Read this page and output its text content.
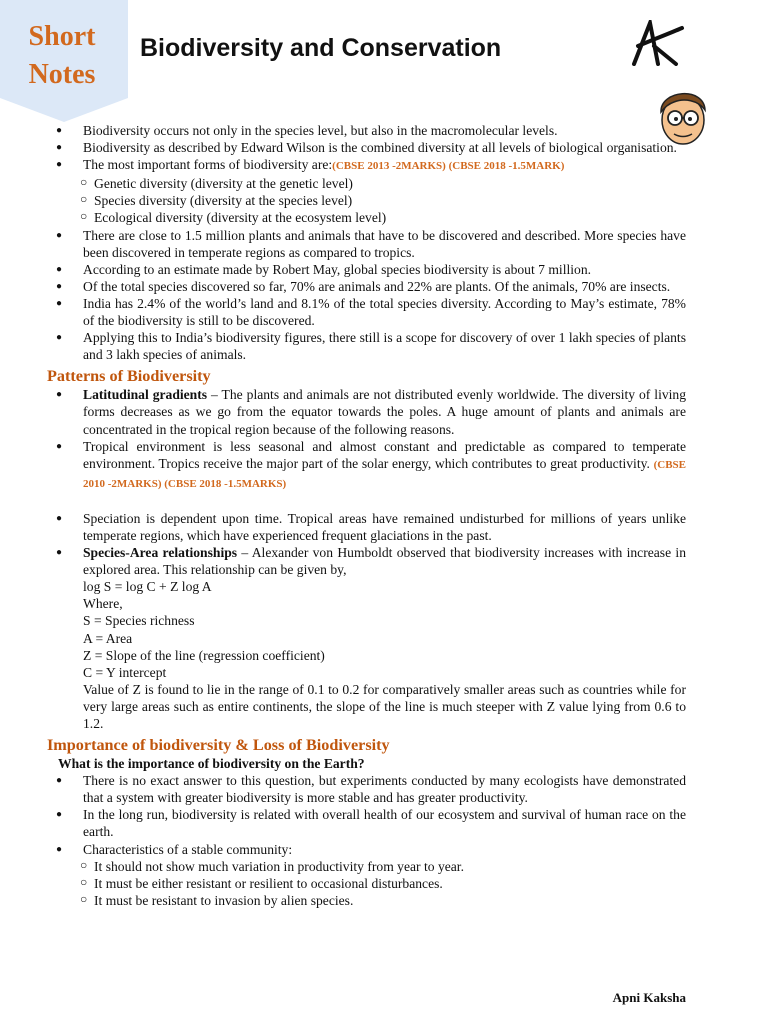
Short
Notes
Biodiversity and Conservation
● Biodiversity occurs not only in the species level, but also in the macromolecular levels.
● Biodiversity as described by Edward Wilson is the combined diversity at all levels of biological organisation.
● The most important forms of biodiversity are:(CBSE 2013 -2MARKS) (CBSE 2018 -1.5MARK)
○ Genetic diversity (diversity at the genetic level)
○ Species diversity (diversity at the species level)
○ Ecological diversity (diversity at the ecosystem level)
● There are close to 1.5 million plants and animals that have to be discovered and described. More species have been discovered in temperate regions as compared to tropics.
● According to an estimate made by Robert May, global species biodiversity is about 7 million.
● Of the total species discovered so far, 70% are animals and 22% are plants. Of the animals, 70% are insects.
● India has 2.4% of the world’s land and 8.1% of the total species diversity. According to May’s estimate, 78% of the biodiversity is still to be discovered.
● Applying this to India’s biodiversity figures, there still is a scope for discovery of over 1 lakh species of plants and 3 lakh species of animals.
Patterns of Biodiversity
● Latitudinal gradients – The plants and animals are not distributed evenly worldwide. The diversity of living forms decreases as we go from the equator towards the poles. A huge amount of plants and animals are concentrated in the tropical region because of the following reasons.
● Tropical environment is less seasonal and almost constant and predictable as compared to temperate environment. Tropics receive the major part of the solar energy, which contributes to great productivity. (CBSE 2010 -2MARKS) (CBSE 2018 -1.5MARKS)
● Speciation is dependent upon time. Tropical areas have remained undisturbed for millions of years unlike temperate regions, which have experienced frequent glaciations in the past.
● Species-Area relationships – Alexander von Humboldt observed that biodiversity increases with increase in explored area. This relationship can be given by,
log S = log C + Z log A
Where,
S = Species richness
A = Area
Z = Slope of the line (regression coefficient)
C = Y intercept
Value of Z is found to lie in the range of 0.1 to 0.2 for comparatively smaller areas such as countries while for very large areas such as entire continents, the slope of the line is much steeper with Z value lying from 0.6 to 1.2.
Importance of biodiversity & Loss of Biodiversity
What is the importance of biodiversity on the Earth?
● There is no exact answer to this question, but experiments conducted by many ecologists have demonstrated that a system with greater biodiversity is more stable and has greater productivity.
● In the long run, biodiversity is related with overall health of our ecosystem and survival of human race on the earth.
● Characteristics of a stable community:
○ It should not show much variation in productivity from year to year.
○ It must be either resistant or resilient to occasional disturbances.
○ It must be resistant to invasion by alien species.
Apni Kaksha
